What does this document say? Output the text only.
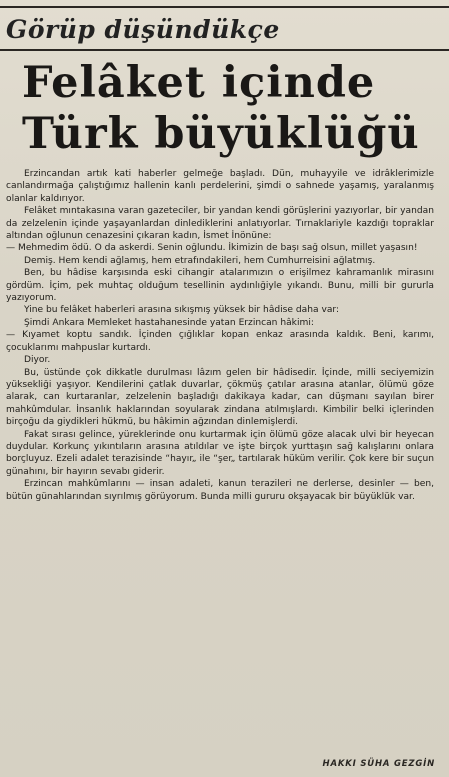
Görüp düşündükçe
Felâket içinde
Türk büyüklüğü

Erzincandan artık kati haberler gelmeğe başladı. Dün, muhayyile ve idrâklerimizle canlandırmağa çalıştığımız hallenin kanlı perdelerini, şimdi o sahnede yaşamış, yaralanmış olanlar kaldırıyor.

Felâket mıntakasına varan gazeteciler, bir yandan kendi görüşlerini yazıyorlar, bir yandan da zelzelenin içinde yaşayanlardan dinlediklerini anlatıyorlar. Tırnaklariyle kazdığı topraklar altından oğlunun cenazesini çıkaran kadın, İsmet İnönüne:

— Mehmedim ödü. O da askerdi. Senin oğlundu. İkimizin de başı sağ olsun, millet yaşasın!

Demiş. Hem kendi ağlamış, hem etrafındakileri, hem Cumhurreisini ağlatmış.

Ben, bu hâdise karşısında eski cihangir atalarımızın o erişilmez kahramanlık mirasını gördüm. İçim, pek muhtaç olduğum tesellinin aydınlığiyle yıkandı. Bunu, milli bir gururla yazıyorum.

Yine bu felâket haberleri arasına sıkışmış yüksek bir hâdise daha var:

Şimdi Ankara Memleket hastahanesinde yatan Erzincan hâkimi:

— Kıyamet koptu sandık. İçinden çığlıklar kopan enkaz arasında kaldık. Beni, karımı, çocuklarımı mahpuslar kurtardı.

Diyor.

Bu, üstünde çok dikkatle durulması lâzım gelen bir hâdisedir. İçinde, milli seciyemizin yüksekliği yaşıyor. Kendilerini çatlak duvarlar, çökmüş çatılar arasına atanlar, ölümü göze alarak, can kurtaranlar, zelzelenin başladığı dakikaya kadar, can düşmanı sayılan birer mahkûmdular. İnsanlık haklarından soyularak zindana atılmışlardı. Kimbilir belki içlerinden birçoğu da giydikleri hükmü, bu hâkimin ağzından dinlemişlerdi.

Fakat sırası gelince, yüreklerinde onu kurtarmak için ölümü göze alacak ulvi bir heyecan duydular. Korkunç yıkıntıların arasına atıldılar ve işte birçok yurttaşın sağ kalışlarını onlara borçluyuz. Ezeli adalet terazisinde “hayır„ ile “şer„ tartılarak hüküm verilir. Çok kere bir suçun günahını, bir hayırın sevabı giderir.

Erzincan mahkûmlarını — insan adaleti, kanun terazileri ne derlerse, desinler — ben, bütün günahlarından sıyrılmış görüyorum. Bunda milli gururu okşayacak bir büyüklük var.

HAKKI SÜHA GEZGİN
